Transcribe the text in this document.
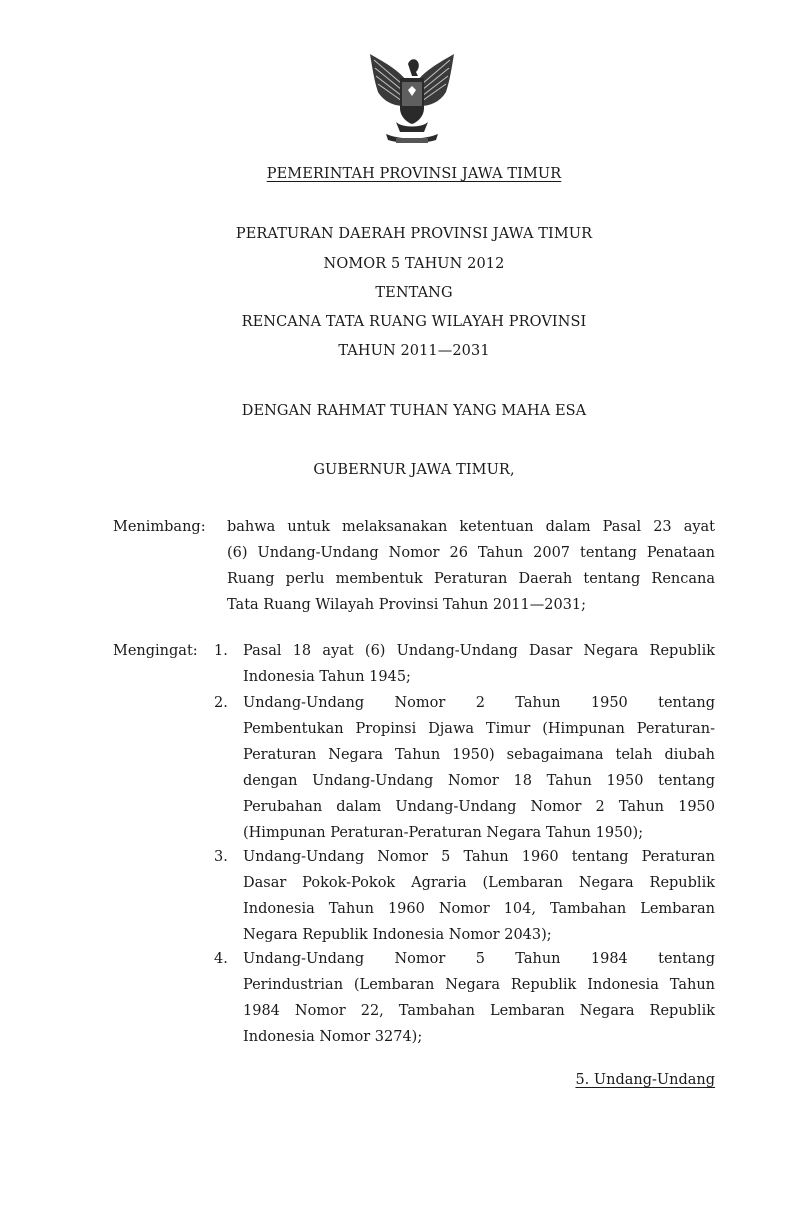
PEMERINTAH PROVINSI JAWA TIMUR
PERATURAN DAERAH PROVINSI JAWA TIMUR
NOMOR 5 TAHUN 2012
TENTANG
RENCANA TATA RUANG WILAYAH PROVINSI
TAHUN 2011—2031
DENGAN RAHMAT TUHAN YANG MAHA ESA
GUBERNUR JAWA TIMUR,
Menimbang: bahwa untuk melaksanakan ketentuan dalam Pasal 23 ayat
(6) Undang-Undang Nomor 26 Tahun 2007 tentang Penataan
Ruang perlu membentuk Peraturan Daerah tentang Rencana
Tata Ruang Wilayah Provinsi Tahun 2011—2031;
Mengingat: 1.	Pasal 18 ayat (6) Undang-Undang Dasar Negara Republik
Indonesia Tahun 1945;
2.	Undang-Undang Nomor 2 Tahun 1950 tentang
Pembentukan Propinsi Djawa Timur (Himpunan Peraturan-
Peraturan Negara Tahun 1950) sebagaimana telah diubah
dengan Undang-Undang Nomor 18 Tahun 1950 tentang
Perubahan dalam Undang-Undang Nomor 2 Tahun 1950
(Himpunan Peraturan-Peraturan Negara Tahun 1950);
3.	Undang-Undang Nomor 5 Tahun 1960 tentang Peraturan
Dasar Pokok-Pokok Agraria (Lembaran Negara Republik
Indonesia Tahun 1960 Nomor 104, Tambahan Lembaran
Negara Republik Indonesia Nomor 2043);
4.	Undang-Undang Nomor 5 Tahun 1984 tentang
Perindustrian (Lembaran Negara Republik Indonesia Tahun
1984 Nomor 22, Tambahan Lembaran Negara Republik
Indonesia Nomor 3274);
5. Undang-Undang
